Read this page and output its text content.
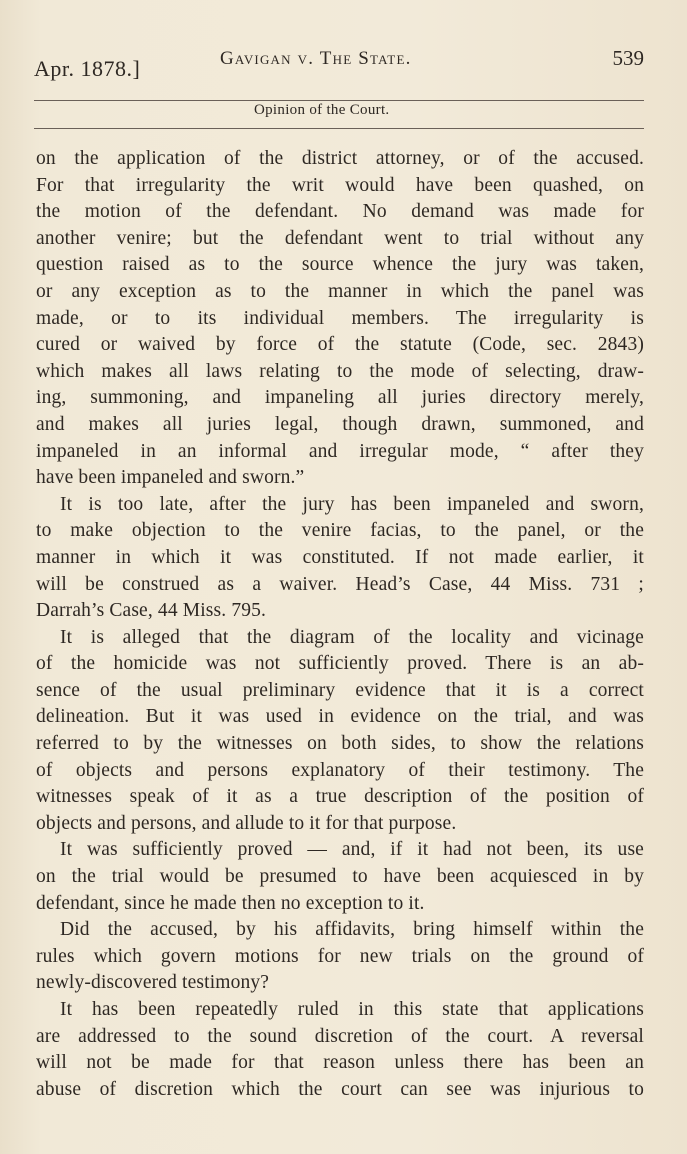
Apr. 1878.]	Gavigan v. The State.	539
Opinion of the Court.
on the application of the district attorney, or of the accused.
For that irregularity the writ would have been quashed, on
the motion of the defendant. No demand was made for
another venire; but the defendant went to trial without any
question raised as to the source whence the jury was taken,
or any exception as to the manner in which the panel was
made, or to its individual members. The irregularity is
cured or waived by force of the statute (Code, sec. 2843)
which makes all laws relating to the mode of selecting, draw-
ing, summoning, and impaneling all juries directory merely,
and makes all juries legal, though drawn, summoned, and
impaneled in an informal and irregular mode, “ after they
have been impaneled and sworn.”
It is too late, after the jury has been impaneled and sworn,
to make objection to the venire facias, to the panel, or the
manner in which it was constituted. If not made earlier, it
will be construed as a waiver. Head’s Case, 44 Miss. 731 ;
Darrah’s Case, 44 Miss. 795.
It is alleged that the diagram of the locality and vicinage
of the homicide was not sufficiently proved. There is an ab-
sence of the usual preliminary evidence that it is a correct
delineation. But it was used in evidence on the trial, and was
referred to by the witnesses on both sides, to show the relations
of objects and persons explanatory of their testimony. The
witnesses speak of it as a true description of the position of
objects and persons, and allude to it for that purpose.
It was sufficiently proved — and, if it had not been, its use
on the trial would be presumed to have been acquiesced in by
defendant, since he made then no exception to it.
Did the accused, by his affidavits, bring himself within the
rules which govern motions for new trials on the ground of
newly-discovered testimony?
It has been repeatedly ruled in this state that applications
are addressed to the sound discretion of the court. A reversal
will not be made for that reason unless there has been an
abuse of discretion which the court can see was injurious to
